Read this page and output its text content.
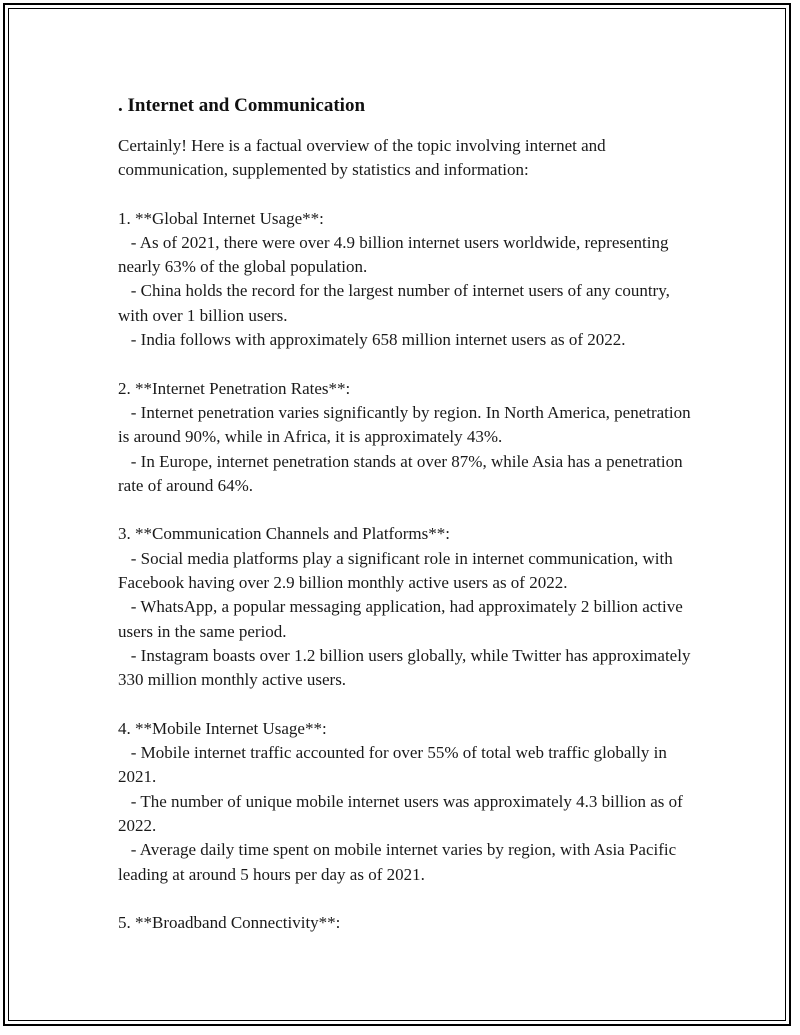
. Internet and Communication

Certainly! Here is a factual overview of the topic involving internet and communication, supplemented by statistics and information:

1. **Global Internet Usage**:

- As of 2021, there were over 4.9 billion internet users worldwide, representing nearly 63% of the global population.

- China holds the record for the largest number of internet users of any country, with over 1 billion users.

- India follows with approximately 658 million internet users as of 2022.

2. **Internet Penetration Rates**:

- Internet penetration varies significantly by region. In North America, penetration is around 90%, while in Africa, it is approximately 43%.

- In Europe, internet penetration stands at over 87%, while Asia has a penetration rate of around 64%.

3. **Communication Channels and Platforms**:

- Social media platforms play a significant role in internet communication, with Facebook having over 2.9 billion monthly active users as of 2022.

- WhatsApp, a popular messaging application, had approximately 2 billion active users in the same period.

- Instagram boasts over 1.2 billion users globally, while Twitter has approximately 330 million monthly active users.

4. **Mobile Internet Usage**:

- Mobile internet traffic accounted for over 55% of total web traffic globally in 2021.

- The number of unique mobile internet users was approximately 4.3 billion as of 2022.

- Average daily time spent on mobile internet varies by region, with Asia Pacific leading at around 5 hours per day as of 2021.

5. **Broadband Connectivity**:
